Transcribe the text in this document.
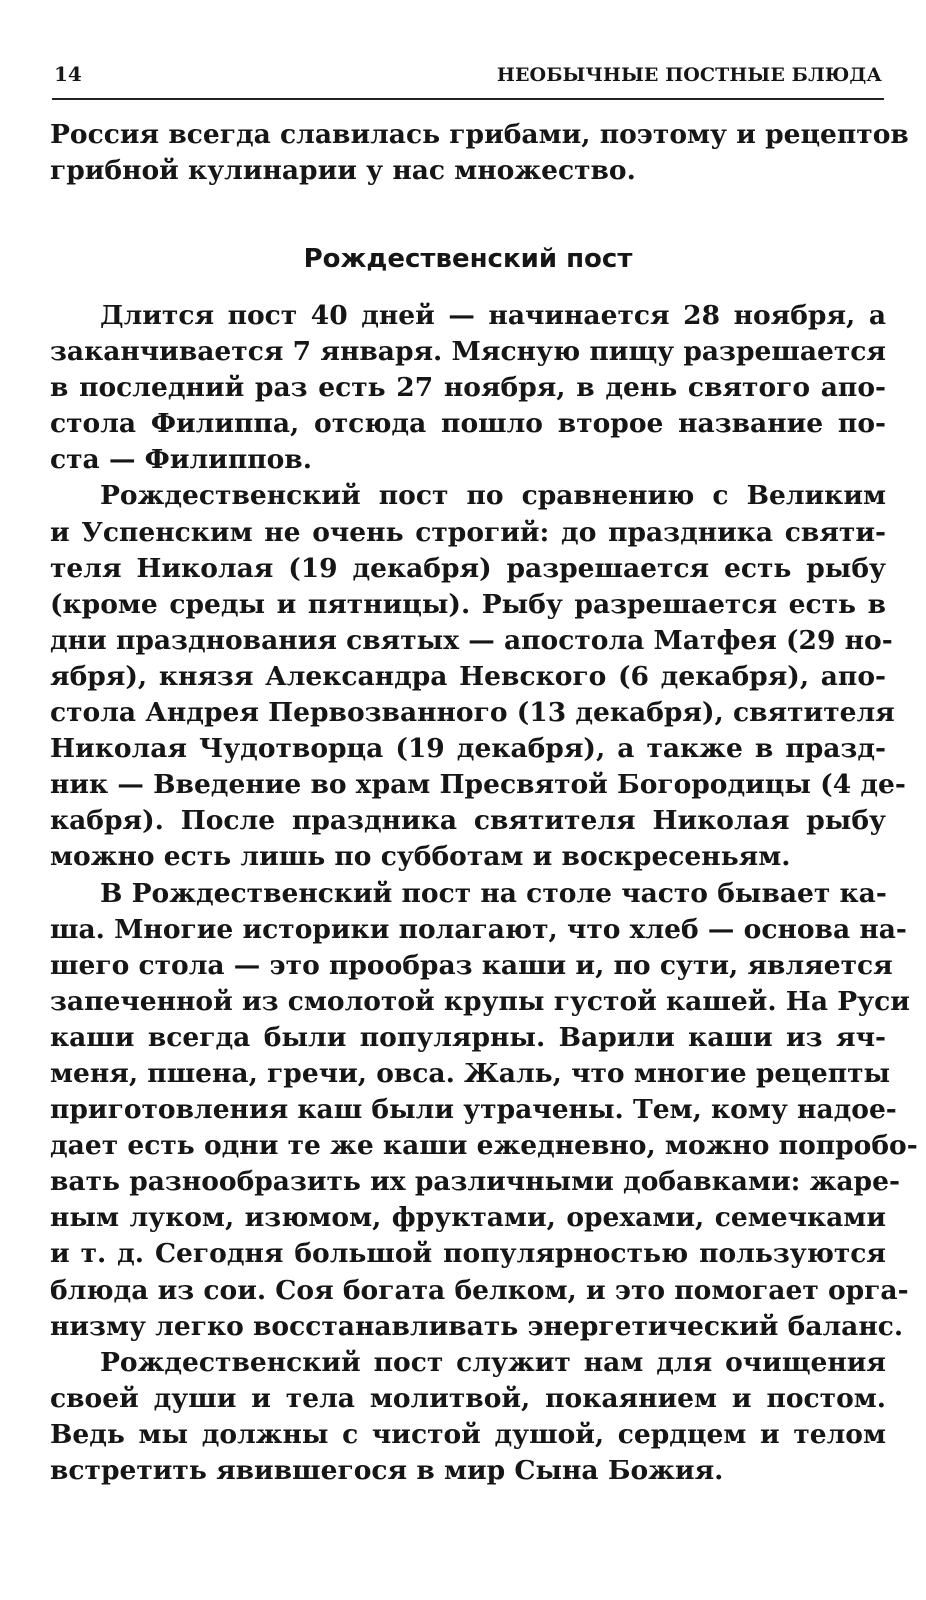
14	НЕОБЫЧНЫЕ ПОСТНЫЕ БЛЮДА
Россия всегда славилась грибами, поэтому и рецептов
грибной кулинарии у нас множество.
Рождественский пост
Длится пост 40 дней — начинается 28 ноября, а
заканчивается 7 января. Мясную пищу разрешается
в последний раз есть 27 ноября, в день святого апо-
стола Филиппа, отсюда пошло второе название по-
ста — Филиппов.
Рождественский пост по сравнению с Великим
и Успенским не очень строгий: до праздника святи-
теля Николая (19 декабря) разрешается есть рыбу
(кроме среды и пятницы). Рыбу разрешается есть в
дни празднования святых — апостола Матфея (29 но-
ября), князя Александра Невского (6 декабря), апо-
стола Андрея Первозванного (13 декабря), святителя
Николая Чудотворца (19 декабря), а также в празд-
ник — Введение во храм Пресвятой Богородицы (4 де-
кабря). После праздника святителя Николая рыбу
можно есть лишь по субботам и воскресеньям.
В Рождественский пост на столе часто бывает ка-
ша. Многие историки полагают, что хлеб — основа на-
шего стола — это прообраз каши и, по сути, является
запеченной из смолотой крупы густой кашей. На Руси
каши всегда были популярны. Варили каши из яч-
меня, пшена, гречи, овса. Жаль, что многие рецепты
приготовления каш были утрачены. Тем, кому надое-
дает есть одни те же каши ежедневно, можно попробо-
вать разнообразить их различными добавками: жаре-
ным луком, изюмом, фруктами, орехами, семечками
и т. д. Сегодня большой популярностью пользуются
блюда из сои. Соя богата белком, и это помогает орга-
низму легко восстанавливать энергетический баланс.
Рождественский пост служит нам для очищения
своей души и тела молитвой, покаянием и постом.
Ведь мы должны с чистой душой, сердцем и телом
встретить явившегося в мир Сына Божия.
